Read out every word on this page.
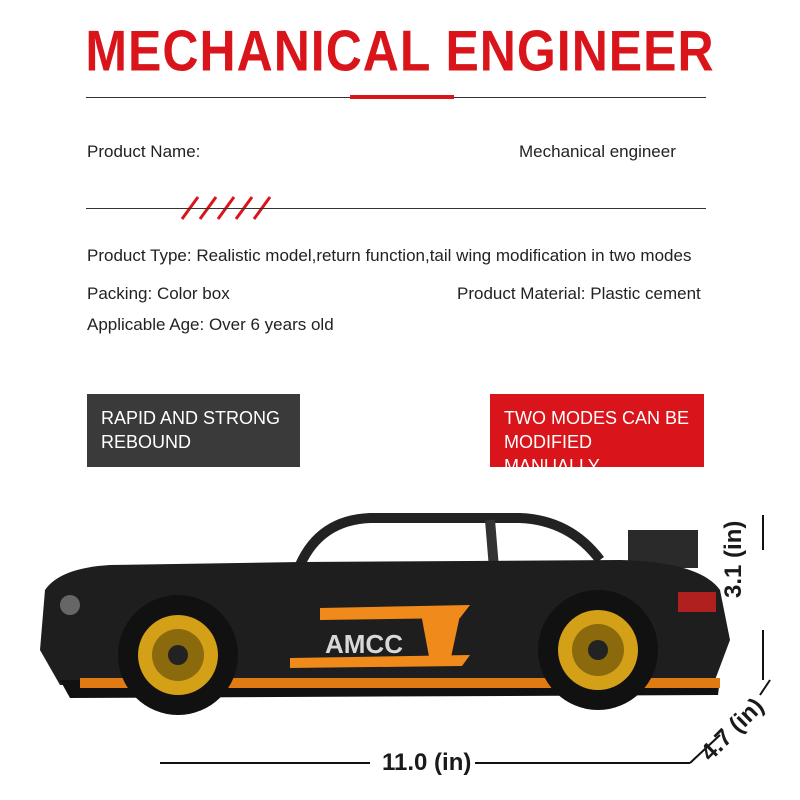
MECHANICAL ENGINEER
Product Name:	Mechanical engineer
Product Type: Realistic model,return function,tail wing modification in two modes
Packing: Color box	Product Material: Plastic cement
Applicable Age: Over 6 years old
RAPID AND STRONG
REBOUND
TWO MODES CAN BE
MODIFIED MANUALLY
AMCC
11.0 (in)
3.1 (in)
4.7 (in)
